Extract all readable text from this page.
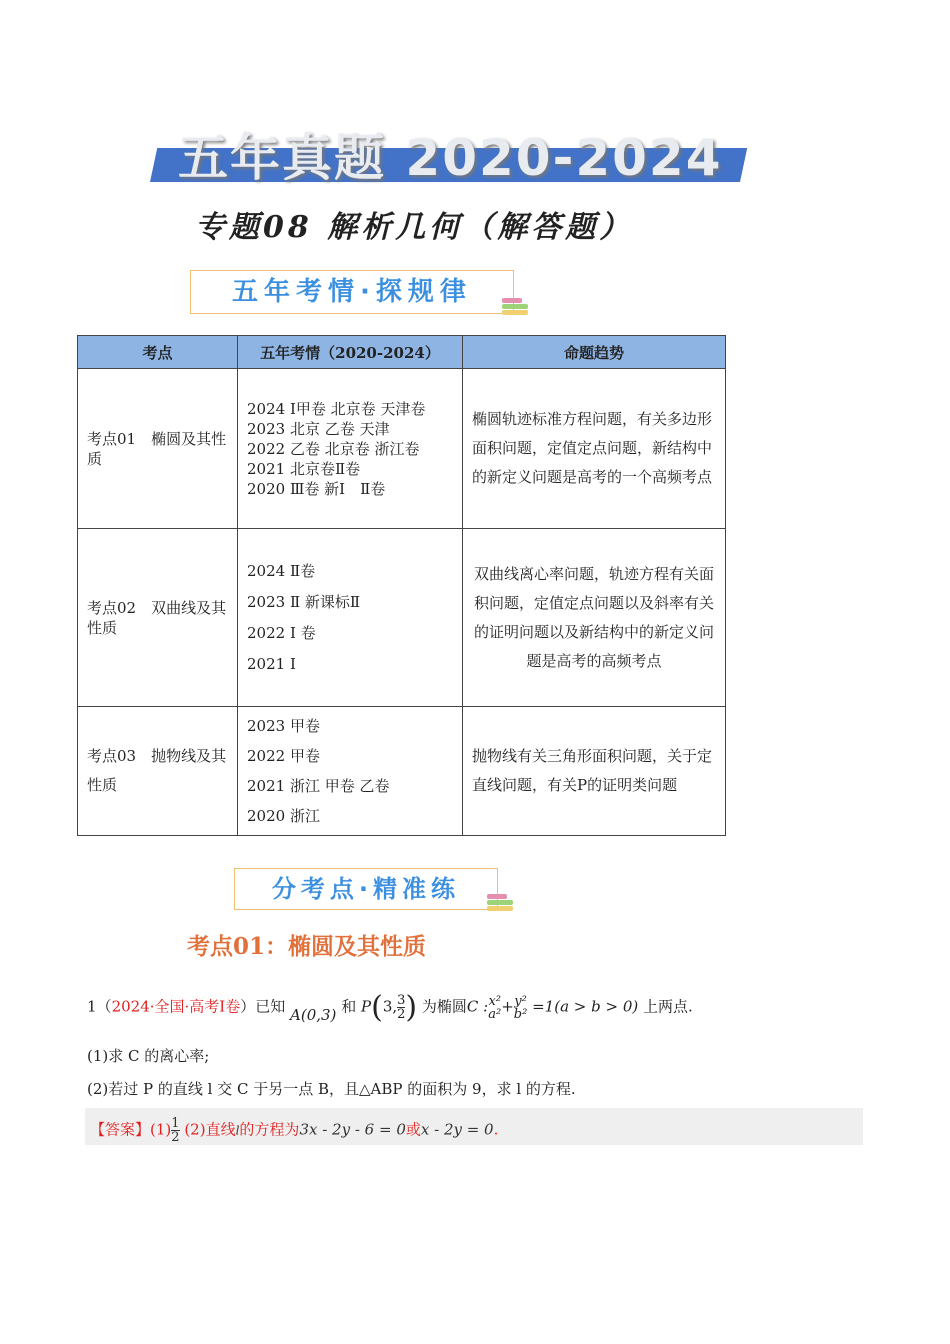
五年真题 2020-2024
专题08 解析几何（解答题）
五年考情·探规律
考点	五年考情（2020-2024）	命题趋势
考点01　椭圆及其性质	2024 Ⅰ甲卷 北京卷 天津卷
2023 北京 乙卷 天津
2022 乙卷 北京卷 浙江卷
2021 北京卷Ⅱ卷
2020 Ⅲ卷 新Ⅰ　Ⅱ卷	椭圆轨迹标准方程问题，有关多边形面积问题，定值定点问题，新结构中的新定义问题是高考的一个高频考点
考点02　双曲线及其性质	2024 Ⅱ卷
2023 Ⅱ 新课标Ⅱ
2022 Ⅰ 卷
2021 Ⅰ	双曲线离心率问题，轨迹方程有关面积问题，定值定点问题以及斜率有关的证明问题以及新结构中的新定义问题是高考的高频考点
考点03　抛物线及其性质	2023 甲卷
2022 甲卷
2021 浙江 甲卷 乙卷
2020 浙江	抛物线有关三角形面积问题，关于定直线问题，有关P的证明类问题
分考点·精准练
考点01：椭圆及其性质
1（2024·全国·高考Ⅰ卷）已知 A(0,3) 和 P(3, $\frac{3}{2}$ ) 为椭圆C : x²
a² + y²
b² =1(a > b > 0) 上两点.
(1)求 C 的离心率;
(2)若过 P 的直线 l 交 C 于另一点 B，且△ABP 的面积为 9，求 l 的方程.
【答案】$(1) \frac{1}{2} (2)$直线l的方程为3x - 2y - 6 = 0或x - 2y = 0.
